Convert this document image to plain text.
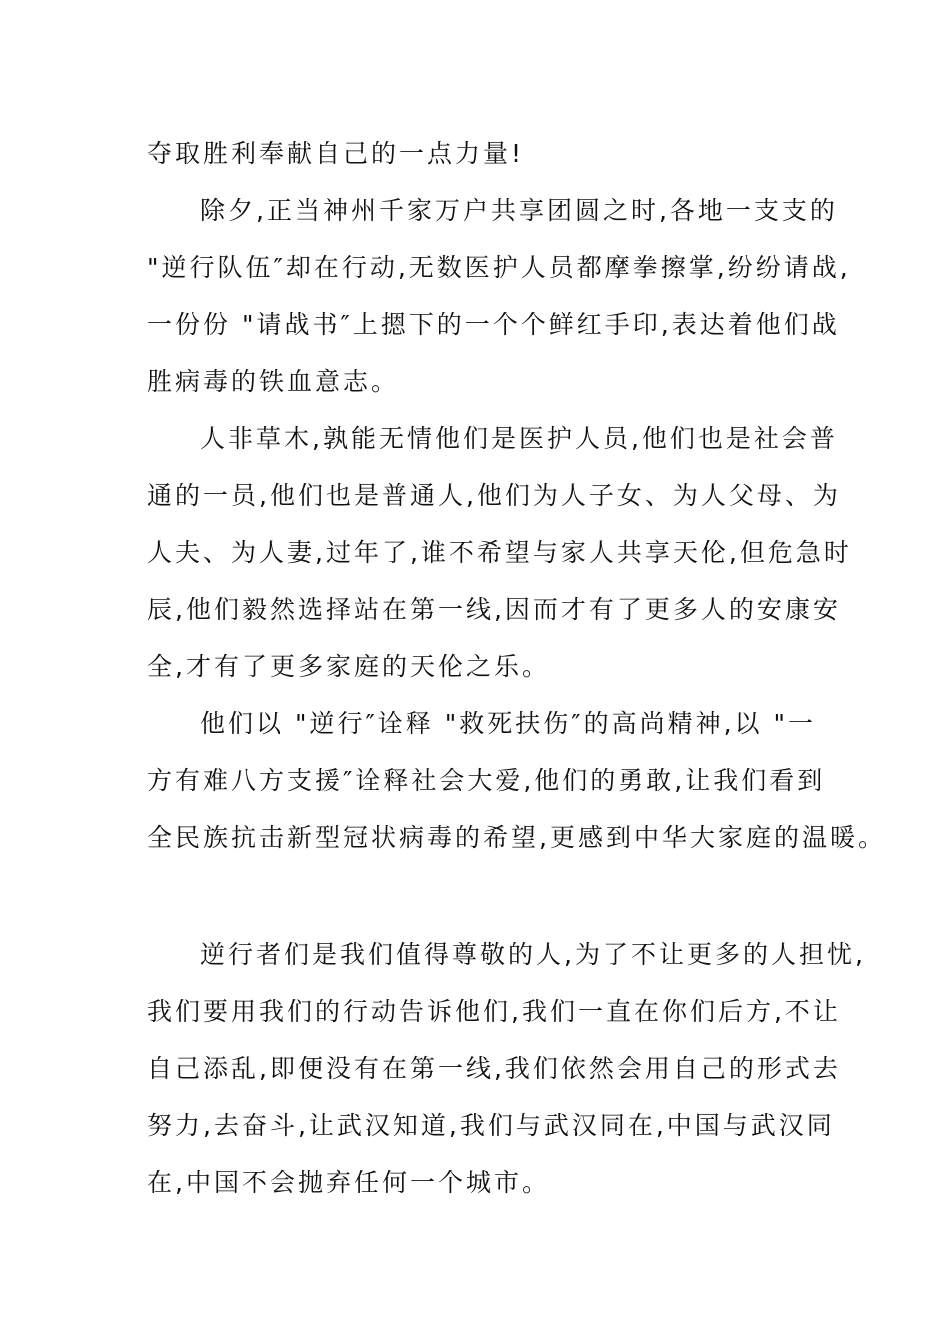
夺取胜利奉献自己的一点力量!
除夕,正当神州千家万户共享团圆之时,各地一支支的
"逆行队伍″却在行动,无数医护人员都摩拳擦掌,纷纷请战,
一份份 "请战书″上摁下的一个个鲜红手印,表达着他们战
胜病毒的铁血意志。
人非草木,孰能无情他们是医护人员,他们也是社会普
通的一员,他们也是普通人,他们为人子女、为人父母、为
人夫、为人妻,过年了,谁不希望与家人共享天伦,但危急时
辰,他们毅然选择站在第一线,因而才有了更多人的安康安
全,才有了更多家庭的天伦之乐。
他们以 "逆行″诠释 "救死扶伤″的高尚精神,以 "一
方有难八方支援″诠释社会大爱,他们的勇敢,让我们看到
全民族抗击新型冠状病毒的希望,更感到中华大家庭的温暖。
逆行者们是我们值得尊敬的人,为了不让更多的人担忧,
我们要用我们的行动告诉他们,我们一直在你们后方,不让
自己添乱,即便没有在第一线,我们依然会用自己的形式去
努力,去奋斗,让武汉知道,我们与武汉同在,中国与武汉同
在,中国不会抛弃任何一个城市。
